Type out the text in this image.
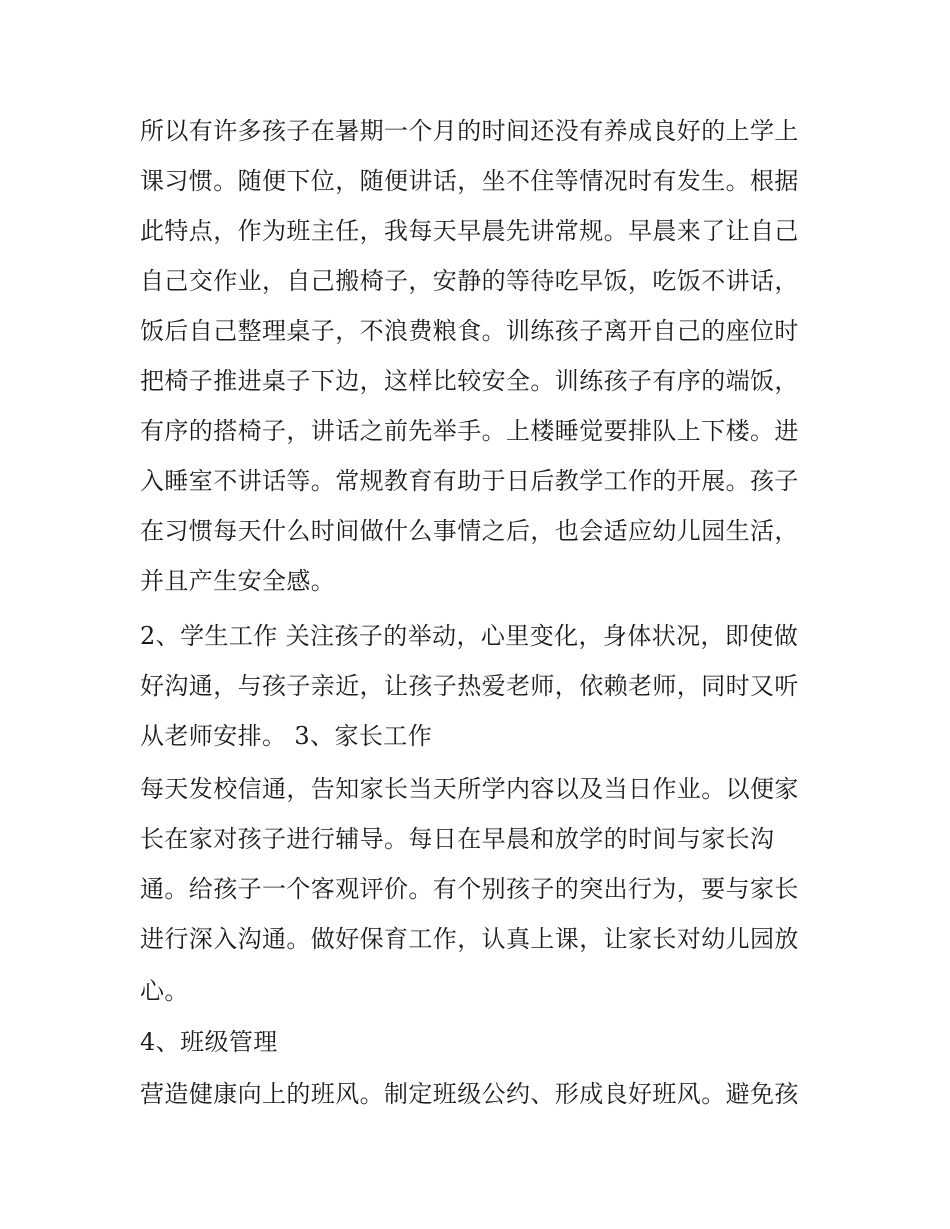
所以有许多孩子在暑期一个月的时间还没有养成良好的上学上
课习惯。随便下位，随便讲话，坐不住等情况时有发生。根据
此特点，作为班主任，我每天早晨先讲常规。早晨来了让自己
自己交作业，自己搬椅子，安静的等待吃早饭，吃饭不讲话，
饭后自己整理桌子，不浪费粮食。训练孩子离开自己的座位时
把椅子推进桌子下边，这样比较安全。训练孩子有序的端饭，
有序的搭椅子，讲话之前先举手。上楼睡觉要排队上下楼。进
入睡室不讲话等。常规教育有助于日后教学工作的开展。孩子
在习惯每天什么时间做什么事情之后，也会适应幼儿园生活，
并且产生安全感。
2、学生工作 关注孩子的举动，心里变化，身体状况，即使做
好沟通，与孩子亲近，让孩子热爱老师，依赖老师，同时又听
从老师安排。 3、家长工作
每天发校信通，告知家长当天所学内容以及当日作业。以便家
长在家对孩子进行辅导。每日在早晨和放学的时间与家长沟
通。给孩子一个客观评价。有个别孩子的突出行为，要与家长
进行深入沟通。做好保育工作，认真上课，让家长对幼儿园放
心。
4、班级管理
营造健康向上的班风。制定班级公约、形成良好班风。避免孩
